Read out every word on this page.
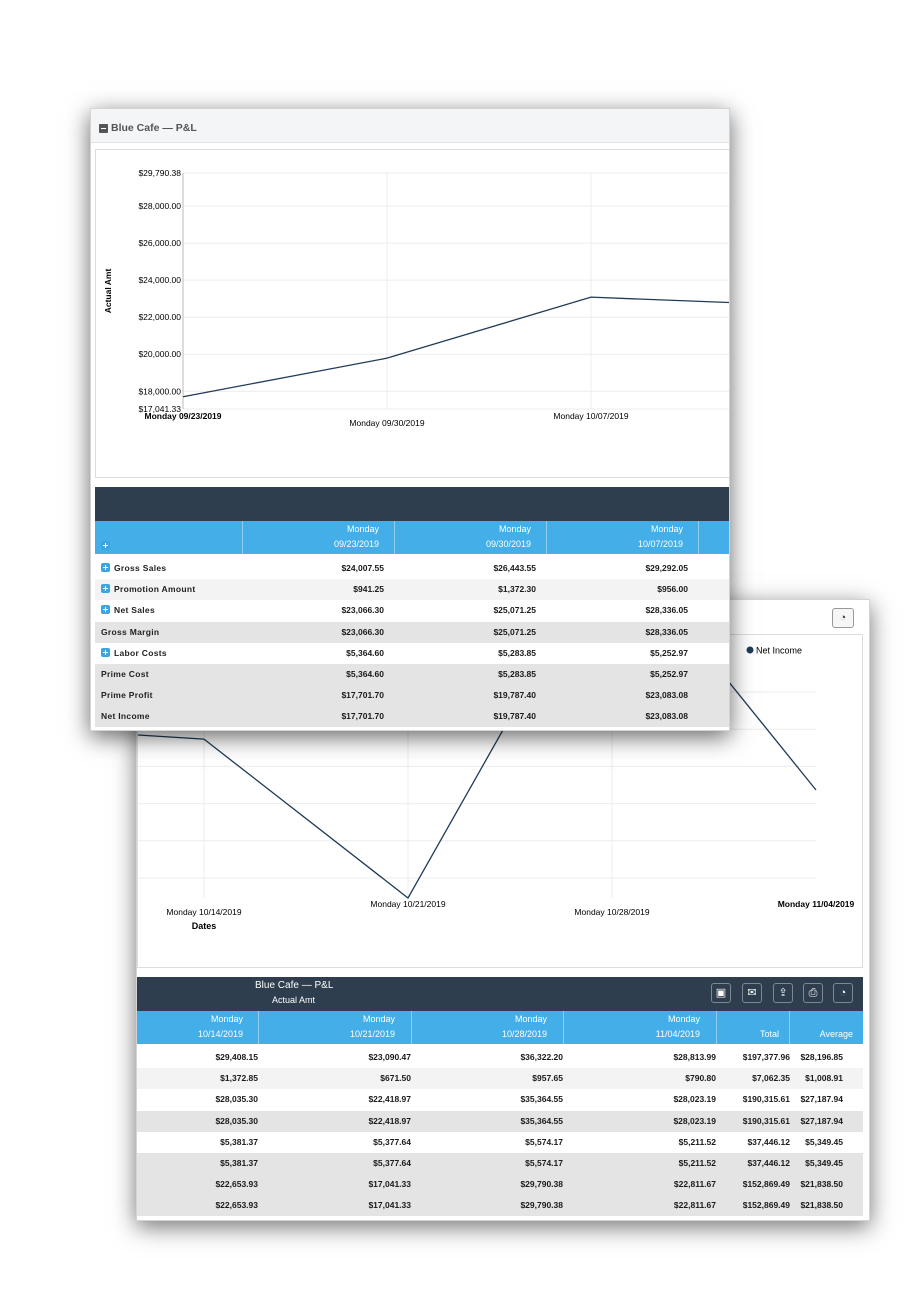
◔
Monday 10/14/2019
Monday 10/21/2019
Monday 10/28/2019
Monday 11/04/2019
Dates
Net Income
Blue Cafe — P&L
Actual Amt
▣	✉	⇪	⎙	◔
Monday
10/14/2019
Monday
10/21/2019
Monday
10/28/2019
Monday
11/04/2019	Total	Average
$29,408.15	$23,090.47	$36,322.20	$28,813.99	$197,377.96	$28,196.85
$1,372.85	$671.50	$957.65	$790.80	$7,062.35	$1,008.91
$28,035.30	$22,418.97	$35,364.55	$28,023.19	$190,315.61	$27,187.94
$28,035.30	$22,418.97	$35,364.55	$28,023.19	$190,315.61	$27,187.94
$5,381.37	$5,377.64	$5,574.17	$5,211.52	$37,446.12	$5,349.45
$5,381.37	$5,377.64	$5,574.17	$5,211.52	$37,446.12	$5,349.45
$22,653.93	$17,041.33	$29,790.38	$22,811.67	$152,869.49	$21,838.50
$22,653.93	$17,041.33	$29,790.38	$22,811.67	$152,869.49	$21,838.50
Blue Cafe — P&L
$29,790.38
$28,000.00
$26,000.00
$24,000.00
$22,000.00
$20,000.00
$18,000.00
$17,041.33
Monday 09/23/2019
Monday 09/30/2019
Monday 10/07/2019
Actual Amt
Monday
09/23/2019
Monday
09/30/2019
Monday
10/07/2019
Gross Sales	$24,007.55	$26,443.55	$29,292.05
Promotion Amount	$941.25	$1,372.30	$956.00
Net Sales	$23,066.30	$25,071.25	$28,336.05
Gross Margin	$23,066.30	$25,071.25	$28,336.05
Labor Costs	$5,364.60	$5,283.85	$5,252.97
Prime Cost	$5,364.60	$5,283.85	$5,252.97
Prime Profit	$17,701.70	$19,787.40	$23,083.08
Net Income	$17,701.70	$19,787.40	$23,083.08
